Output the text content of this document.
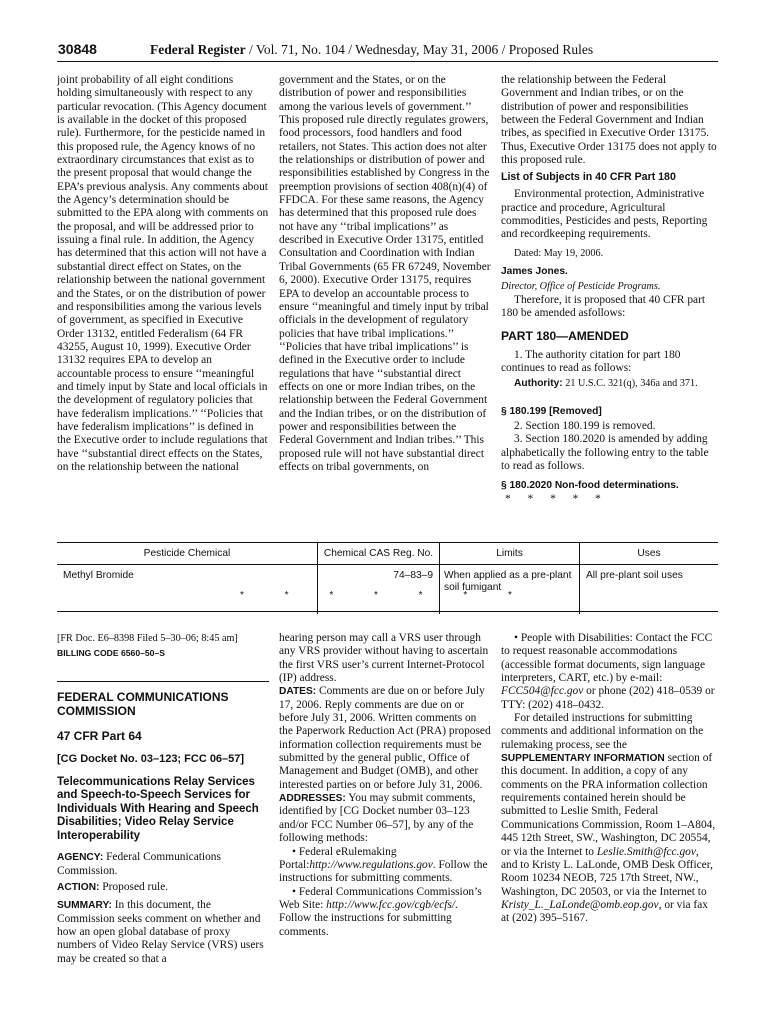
30848	Federal Register / Vol. 71, No. 104 / Wednesday, May 31, 2006 / Proposed Rules

joint probability of all eight conditions holding simultaneously with respect to any particular revocation. (This Agency document is available in the docket of this proposed rule). Furthermore, for the pesticide named in this proposed rule, the Agency knows of no extraordinary circumstances that exist as to the present proposal that would change the EPA’s previous analysis. Any comments about the Agency’s determination should be submitted to the EPA along with comments on the proposal, and will be addressed prior to issuing a final rule. In addition, the Agency has determined that this action will not have a substantial direct effect on States, on the relationship between the national government and the States, or on the distribution of power and responsibilities among the various levels of government, as specified in Executive Order 13132, entitled Federalism (64 FR 43255, August 10, 1999). Executive Order 13132 requires EPA to develop an accountable process to ensure ‘‘meaningful and timely input by State and local officials in the development of regulatory policies that have federalism implications.’’ ‘‘Policies that have federalism implications’’ is defined in the Executive order to include regulations that have ‘‘substantial direct effects on the States, on the relationship between the national

government and the States, or on the distribution of power and responsibilities among the various levels of government.’’ This proposed rule directly regulates growers, food processors, food handlers and food retailers, not States. This action does not alter the relationships or distribution of power and responsibilities established by Congress in the preemption provisions of section 408(n)(4) of FFDCA. For these same reasons, the Agency has determined that this proposed rule does not have any ‘‘tribal implications’’ as described in Executive Order 13175, entitled Consultation and Coordination with Indian Tribal Governments (65 FR 67249, November 6, 2000). Executive Order 13175, requires EPA to develop an accountable process to ensure ‘‘meaningful and timely input by tribal officials in the development of regulatory policies that have tribal implications.’’ ‘‘Policies that have tribal implications’’ is defined in the Executive order to include regulations that have ‘‘substantial direct effects on one or more Indian tribes, on the relationship between the Federal Government and the Indian tribes, or on the distribution of power and responsibilities between the Federal Government and Indian tribes.’’ This proposed rule will not have substantial direct effects on tribal governments, on

the relationship between the Federal Government and Indian tribes, or on the distribution of power and responsibilities between the Federal Government and Indian tribes, as specified in Executive Order 13175. Thus, Executive Order 13175 does not apply to this proposed rule.

List of Subjects in 40 CFR Part 180

Environmental protection, Administrative practice and procedure, Agricultural commodities, Pesticides and pests, Reporting and recordkeeping requirements.

Dated: May 19, 2006.

James Jones.

Director, Office of Pesticide Programs.

Therefore, it is proposed that 40 CFR part 180 be amended asfollows:

PART 180—AMENDED

1. The authority citation for part 180 continues to read as follows:

Authority: 21 U.S.C. 321(q), 346a and 371.

§ 180.199 [Removed]

2. Section 180.199 is removed.

3. Section 180.2020 is amended by adding alphabetically the following entry to the table to read as follows.

§ 180.2020 Non-food determinations.

* * * * *

Pesticide Chemical	Chemical CAS Reg. No.	Limits	Uses
Methyl Bromide	74–83–9	When applied as a pre-plant soil fumigant	All pre-plant soil uses
* * * * * * *

[FR Doc. E6–8398 Filed 5–30–06; 8:45 am]

BILLING CODE 6560–50–S

FEDERAL COMMUNICATIONS COMMISSION

47 CFR Part 64

[CG Docket No. 03–123; FCC 06–57]

Telecommunications Relay Services and Speech-to-Speech Services for Individuals With Hearing and Speech Disabilities; Video Relay Service Interoperability

AGENCY: Federal Communications Commission.

ACTION: Proposed rule.

SUMMARY: In this document, the Commission seeks comment on whether and how an open global database of proxy numbers of Video Relay Service (VRS) users may be created so that a

hearing person may call a VRS user through any VRS provider without having to ascertain the first VRS user’s current Internet-Protocol (IP) address.

DATES: Comments are due on or before July 17, 2006. Reply comments are due on or before July 31, 2006. Written comments on the Paperwork Reduction Act (PRA) proposed information collection requirements must be submitted by the general public, Office of Management and Budget (OMB), and other interested parties on or before July 31, 2006.

ADDRESSES: You may submit comments, identified by [CG Docket number 03–123 and/or FCC Number 06–57], by any of the following methods:

• Federal eRulemaking Portal:http://www.regulations.gov. Follow the instructions for submitting comments.

• Federal Communications Commission’s Web Site: http://www.fcc.gov/cgb/ecfs/. Follow the instructions for submitting comments.

• People with Disabilities: Contact the FCC to request reasonable accommodations (accessible format documents, sign language interpreters, CART, etc.) by e-mail: FCC504@fcc.gov or phone (202) 418–0539 or TTY: (202) 418–0432.

For detailed instructions for submitting comments and additional information on the rulemaking process, see the SUPPLEMENTARY INFORMATION section of this document. In addition, a copy of any comments on the PRA information collection requirements contained herein should be submitted to Leslie Smith, Federal Communications Commission, Room 1–A804, 445 12th Street, SW., Washington, DC 20554, or via the Internet to Leslie.Smith@fcc.gov, and to Kristy L. LaLonde, OMB Desk Officer, Room 10234 NEOB, 725 17th Street, NW., Washington, DC 20503, or via the Internet to Kristy_L._LaLonde@omb.eop.gov, or via fax at (202) 395–5167.
